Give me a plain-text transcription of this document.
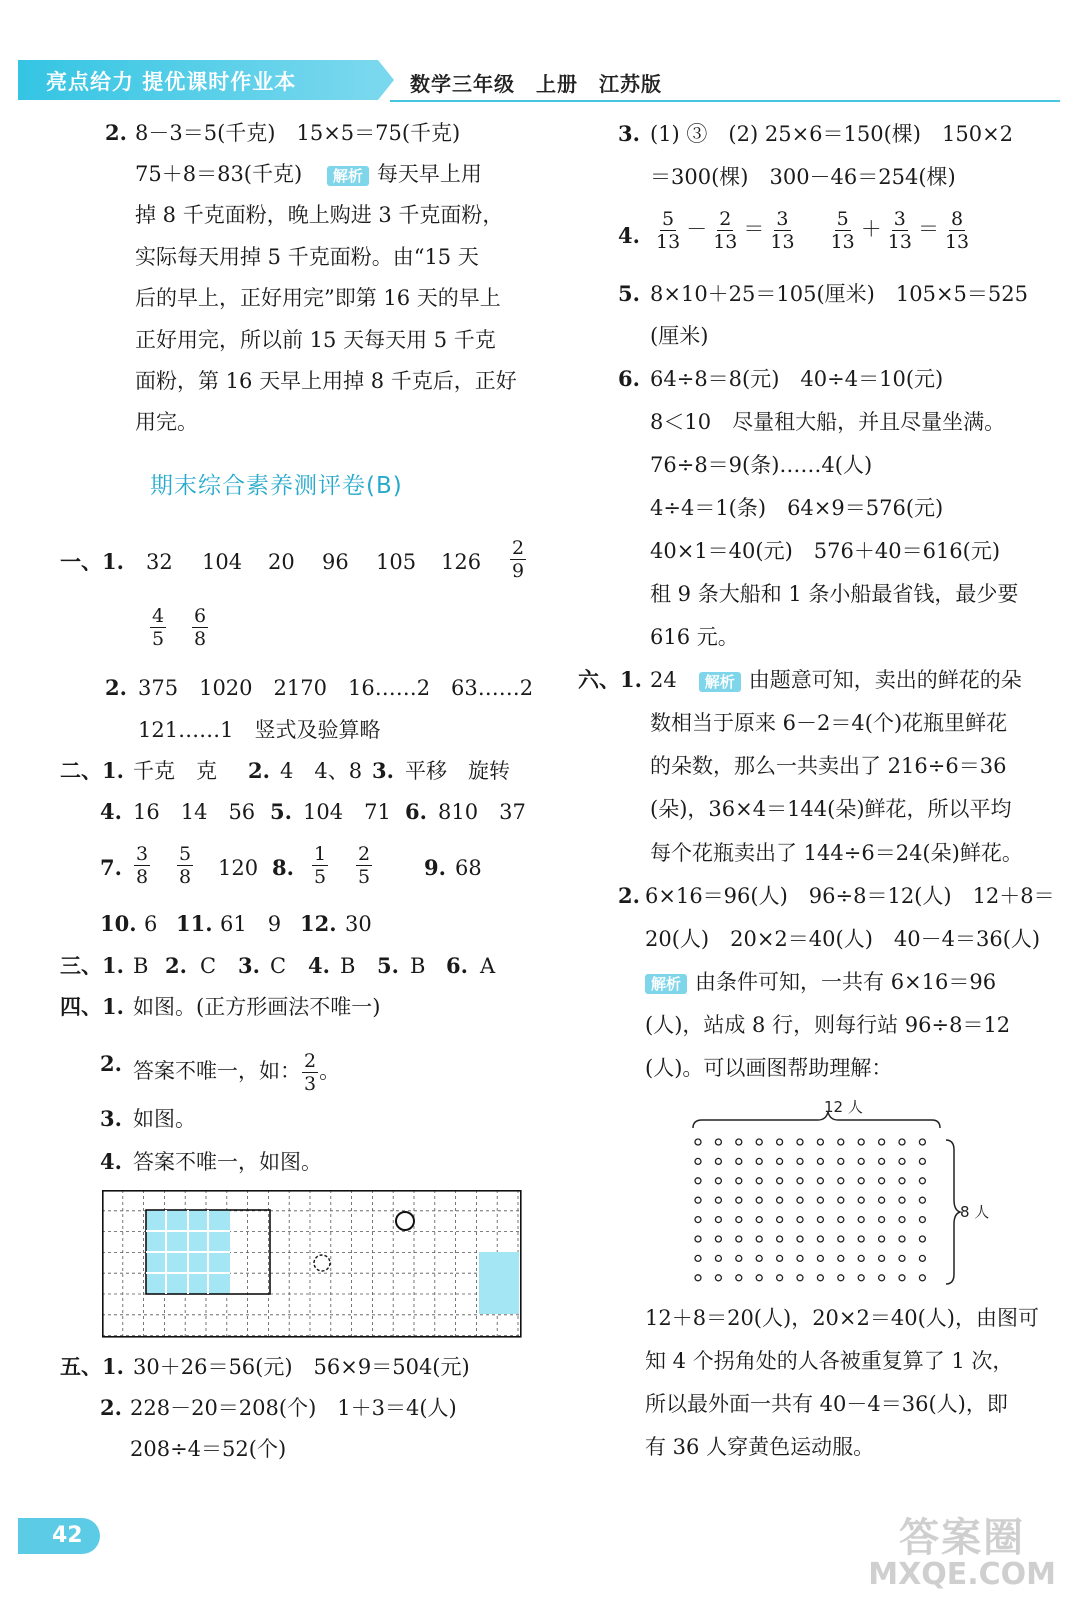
亮点给力 提优课时作业本	数学三年级　上册　江苏版
2. 8－3＝5(千克)　15×5＝75(千克)
75＋8＝83(千克) 解析 每天早上用
掉 8 千克面粉，晚上购进 3 千克面粉，
实际每天用掉 5 千克面粉。由“15 天
后的早上，正好用完”即第 16 天的早上
正好用完，所以前 15 天每天用 5 千克
面粉，第 16 天早上用掉 8 千克后，正好
用完。
期末综合素养测评卷(B)
一、1. 32 104 20 96 105 $126 \frac{2}{9}$
$\frac{4}{5} \frac{6}{8}$
2. 375　1020　2170　16……2　63……2
121……1　竖式及验算略
二、1. 千克　克 2. 4　4、8 3. 平移　旋转
4. 16　14　56 5. 104　71 6. 810　37
7. $\frac{3}{8} \frac{5}{8} 120$ 8. $\frac{1}{5} \frac{2}{5} 9$. 68
10. 6 11. 61　9 12. 30
三、1. B 2. C 3. C 4. B 5. B 6. A
四、1. 如图。(正方形画法不唯一)
2. 答案不唯一，如： $\frac{2}{3}$ 。
3. 如图。
4. 答案不唯一，如图。
五、1. 30＋26＝56(元)　56×9＝504(元)
2. 228－20＝208(个)　1＋3＝4(人)
208÷4＝52(个)
3. (1) ③　(2) 25×6＝150(棵)　150×2
＝300(棵)　300－46＝254(棵)
4. $\frac{5}{13} - \frac{2}{13} = \frac{3}{13} \frac{5}{13} + \frac{3}{13} = \frac{8}{13}$
5. 8×10＋25＝105(厘米)　105×5＝525
(厘米)
6. 64÷8＝8(元)　40÷4＝10(元)
8＜10　尽量租大船，并且尽量坐满。
76÷8＝9(条)……4(人)
4÷4＝1(条)　64×9＝576(元)
40×1＝40(元)　576＋40＝616(元)
租 9 条大船和 1 条小船最省钱，最少要
616 元。
六、1. 24 解析 由题意可知，卖出的鲜花的朵
数相当于原来 6－2＝4(个)花瓶里鲜花
的朵数，那么一共卖出了 216÷6＝36
(朵)，36×4＝144(朵)鲜花，所以平均
每个花瓶卖出了 144÷6＝24(朵)鲜花。
2. 6×16＝96(人)　96÷8＝12(人)　12＋8＝
20(人)　20×2＝40(人)　40－4＝36(人)
解析 由条件可知，一共有 6×16＝96
(人)，站成 8 行，则每行站 96÷8＝12
(人)。可以画图帮助理解：
12 人
8 人
12＋8＝20(人)，20×2＝40(人)，由图可
知 4 个拐角处的人各被重复算了 1 次，
所以最外面一共有 40－4＝36(人)，即
有 36 人穿黄色运动服。
42	答案圈
MXQE.COM
